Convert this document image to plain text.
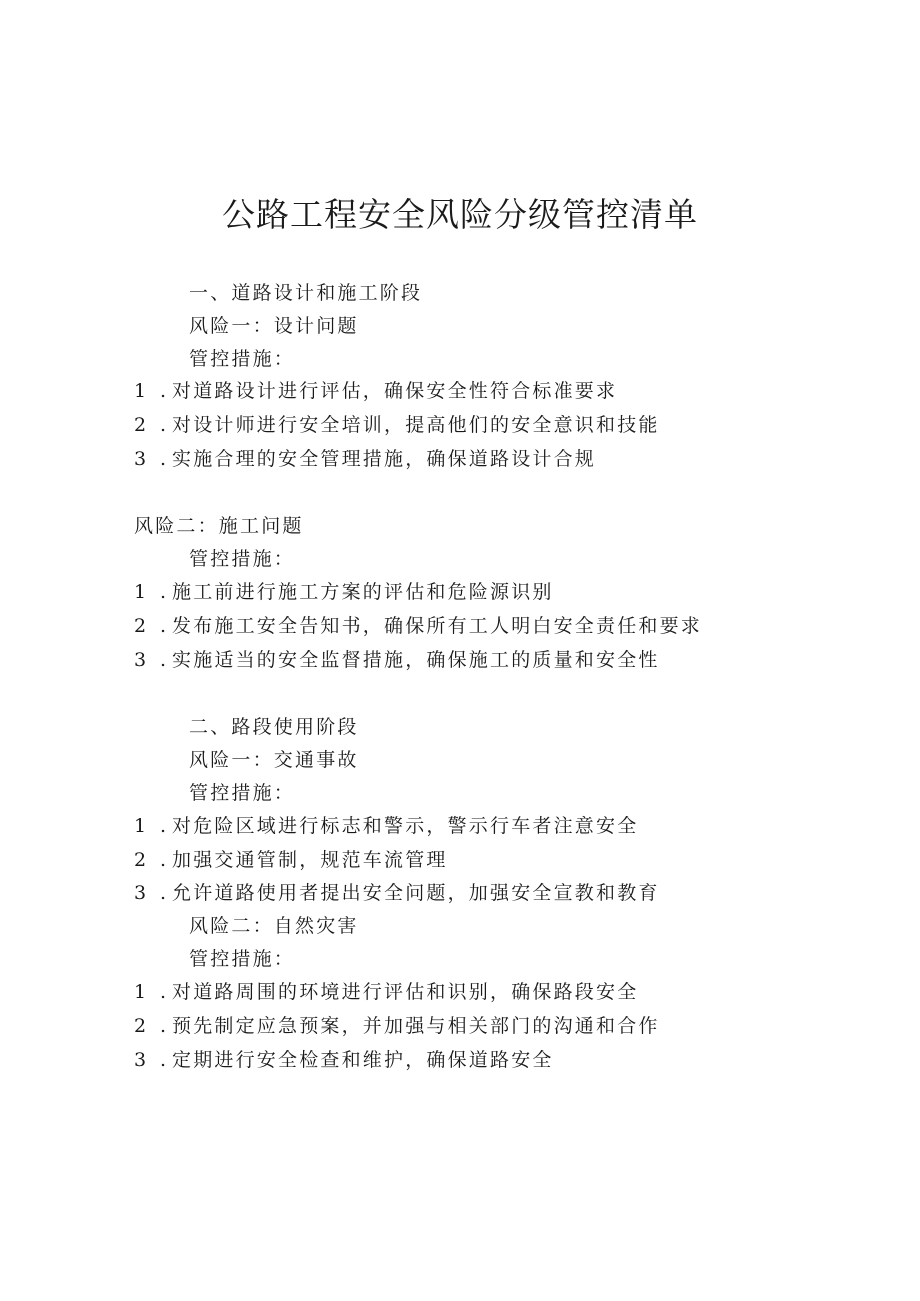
公路工程安全风险分级管控清单
一、道路设计和施工阶段
风险一：设计问题
管控措施：
1 . 对道路设计进行评估，确保安全性符合标准要求
2 . 对设计师进行安全培训，提高他们的安全意识和技能
3 . 实施合理的安全管理措施，确保道路设计合规
风险二：施工问题
管控措施：
1 . 施工前进行施工方案的评估和危险源识别
2 . 发布施工安全告知书，确保所有工人明白安全责任和要求
3 . 实施适当的安全监督措施，确保施工的质量和安全性
二、路段使用阶段
风险一：交通事故
管控措施：
1 . 对危险区域进行标志和警示，警示行车者注意安全
2 . 加强交通管制，规范车流管理
3 . 允许道路使用者提出安全问题，加强安全宣教和教育
风险二：自然灾害
管控措施：
1 . 对道路周围的环境进行评估和识别，确保路段安全
2 . 预先制定应急预案，并加强与相关部门的沟通和合作
3 . 定期进行安全检查和维护，确保道路安全
